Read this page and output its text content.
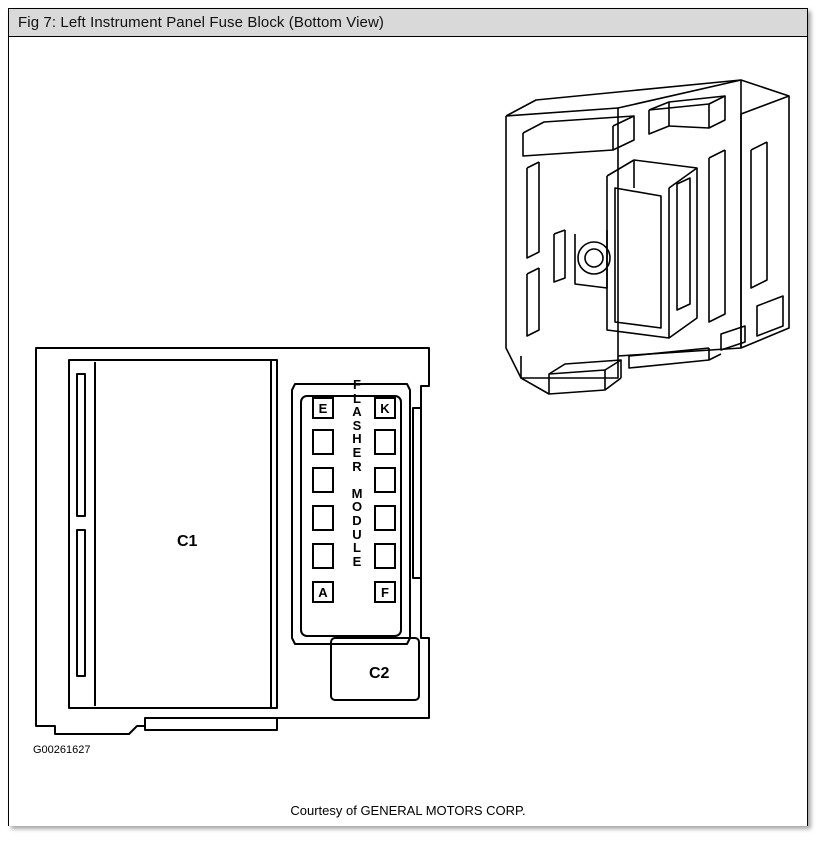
Fig 7: Left Instrument Panel Fuse Block (Bottom View)
C1
C2
F
L
A
S
H
E
R

M
O
D
U
L
E
E	K
A	F
G00261627
Courtesy of GENERAL MOTORS CORP.
